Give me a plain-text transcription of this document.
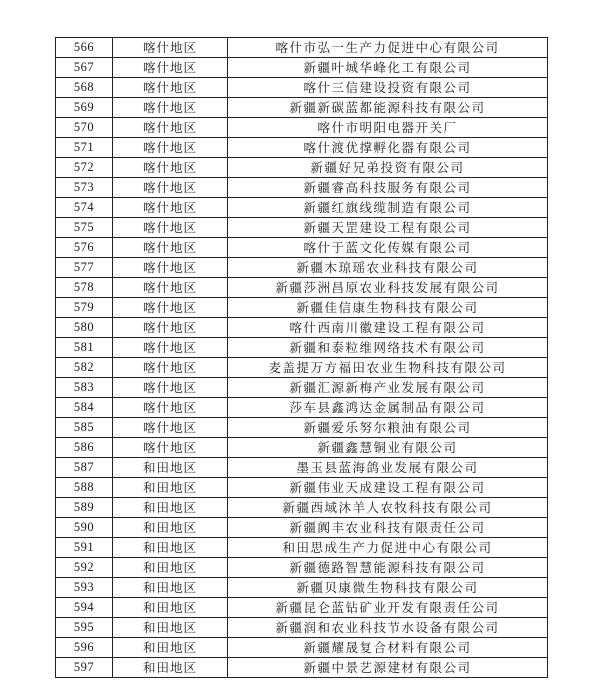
566	喀什地区	喀什市弘一生产力促进中心有限公司
567	喀什地区	新疆叶城华峰化工有限公司
568	喀什地区	喀什三信建设投资有限公司
569	喀什地区	新疆新碳蓝都能源科技有限公司
570	喀什地区	喀什市明阳电器开关厂
571	喀什地区	喀什渡优撑孵化器有限公司
572	喀什地区	新疆好兄弟投资有限公司
573	喀什地区	新疆睿高科技服务有限公司
574	喀什地区	新疆红旗线缆制造有限公司
575	喀什地区	新疆天罡建设工程有限公司
576	喀什地区	喀什于蓝文化传媒有限公司
577	喀什地区	新疆木琼瑶农业科技有限公司
578	喀什地区	新疆莎洲昌原农业科技发展有限公司
579	喀什地区	新疆佳信康生物科技有限公司
580	喀什地区	喀什西南川徽建设工程有限公司
581	喀什地区	新疆和泰粒维网络技术有限公司
582	喀什地区	麦盖提万方福田农业生物科技有限公司
583	喀什地区	新疆汇源新梅产业发展有限公司
584	喀什地区	莎车县鑫鸿达金属制品有限公司
585	喀什地区	新疆爱乐努尔粮油有限公司
586	喀什地区	新疆鑫慧铜业有限公司
587	和田地区	墨玉县蓝海鸽业发展有限公司
588	和田地区	新疆伟业天成建设工程有限公司
589	和田地区	新疆西域沐羊人农牧科技有限公司
590	和田地区	新疆阗丰农业科技有限责任公司
591	和田地区	和田思成生产力促进中心有限公司
592	和田地区	新疆德路智慧能源科技有限公司
593	和田地区	新疆贝康微生物科技有限公司
594	和田地区	新疆昆仑蓝钻矿业开发有限责任公司
595	和田地区	新疆润和农业科技节水设备有限公司
596	和田地区	新疆耀晟复合材料有限公司
597	和田地区	新疆中景艺源建材有限公司
